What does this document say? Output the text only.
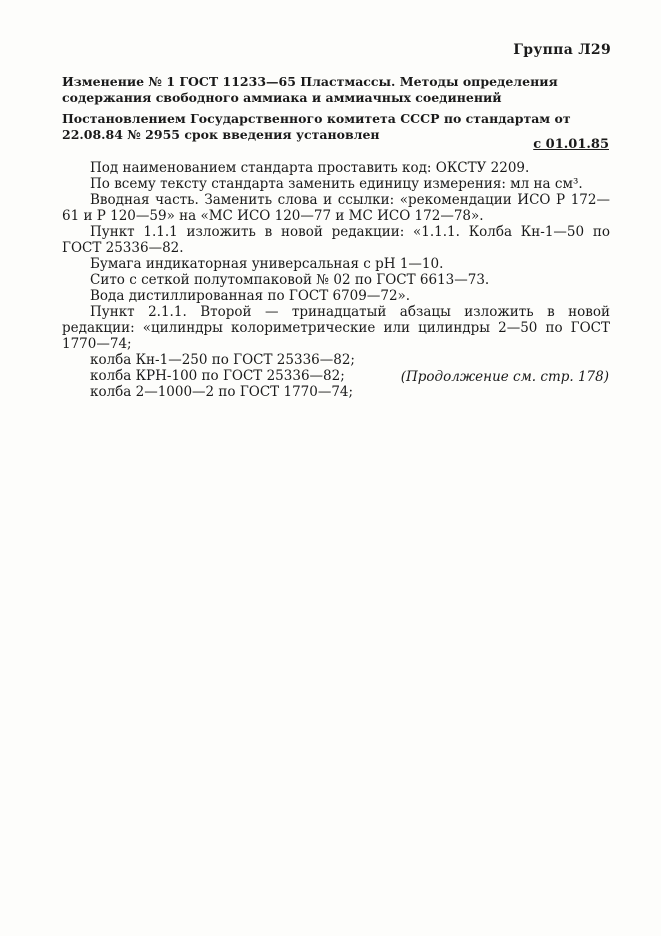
Группа Л29
Изменение № 1 ГОСТ 11233—65 Пластмассы. Методы определения содержания свободного аммиака и аммиачных соединений
Постановлением Государственного комитета СССР по стандартам от 22.08.84 № 2955 срок введения установлен
с 01.01.85

Под наименованием стандарта проставить код: ОКСТУ 2209.

По всему тексту стандарта заменить единицу измерения: мл на см³.

Вводная часть. Заменить слова и ссылки: «рекомендации ИСО Р 172—61 и Р 120—59» на «МС ИСО 120—77 и МС ИСО 172—78».

Пункт 1.1.1 изложить в новой редакции: «1.1.1. Колба Кн-1—50 по ГОСТ 25336—82.

Бумага индикаторная универсальная с рН 1—10.

Сито с сеткой полутомпаковой № 02 по ГОСТ 6613—73.

Вода дистиллированная по ГОСТ 6709—72».

Пункт 2.1.1. Второй — тринадцатый абзацы изложить в новой редакции: «цилиндры колориметрические или цилиндры 2—50 по ГОСТ 1770—74;

колба Кн-1—250 по ГОСТ 25336—82;

колба КРН-100 по ГОСТ 25336—82;

колба 2—1000—2 по ГОСТ 1770—74;

(Продолжение см. стр. 178)
